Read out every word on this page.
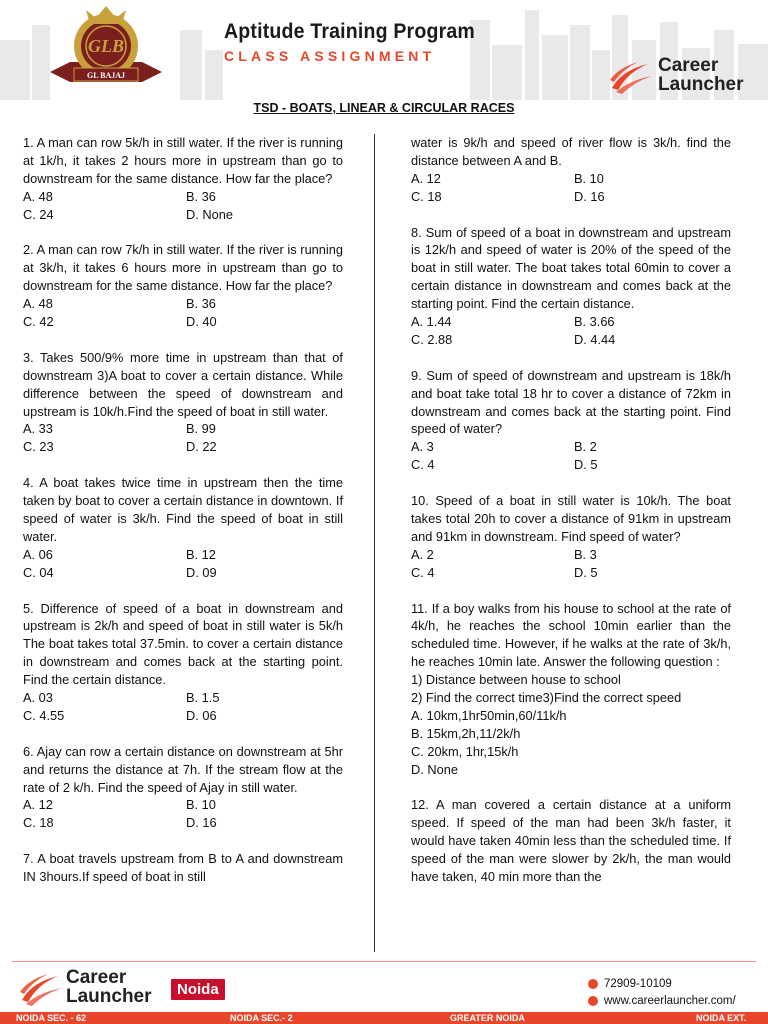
GLB
GL BAJAJ
Aptitude Training Program
CLASS ASSIGNMENT	Career
Launcher
TSD - BOATS, LINEAR & CIRCULAR RACES

1. A man can row 5k/h in still water. If the river is running at 1k/h, it takes 2 hours more in upstream than go to downstream for the same distance. How far the place?

A. 48	B. 36
C. 24	D. None

2. A man can row 7k/h in still water. If the river is running at 3k/h, it takes 6 hours more in upstream than go to downstream for the same distance. How far the place?

A. 48	B. 36
C. 42	D. 40

3. Takes 500/9% more time in upstream than that of downstream 3)A boat to cover a certain distance. While difference between the speed of downstream and upstream is 10k/h.Find the speed of boat in still water.

A. 33	B. 99
C. 23	D. 22

4. A boat takes twice time in upstream then the time taken by boat to cover a certain distance in downtown. If speed of water is 3k/h. Find the speed of boat in still water.

A. 06	B. 12
C. 04	D. 09

5. Difference of speed of a boat in downstream and upstream is 2k/h and speed of boat in still water is 5k/h The boat takes total 37.5min. to cover a certain distance in downstream and comes back at the starting point. Find the certain distance.

A. 03	B. 1.5
C. 4.55	D. 06

6. Ajay can row a certain distance on downstream at 5hr and returns the distance at 7h. If the stream flow at the rate of 2 k/h. Find the speed of Ajay in still water.

A. 12	B. 10
C. 18	D. 16

7. A boat travels upstream from B to A and downstream IN 3hours.If speed of boat in still

water is 9k/h and speed of river flow is 3k/h. find the distance between A and B.

A. 12	B. 10
C. 18	D. 16

8. Sum of speed of a boat in downstream and upstream is 12k/h and speed of water is 20% of the speed of the boat in still water. The boat takes total 60min to cover a certain distance in downstream and comes back at the starting point. Find the certain distance.

A. 1.44	B. 3.66
C. 2.88	D. 4.44

9. Sum of speed of downstream and upstream is 18k/h and boat take total 18 hr to cover a distance of 72km in downstream and comes back at the starting point. Find speed of water?

A. 3	B. 2
C. 4	D. 5

10. Speed of a boat in still water is 10k/h. The boat takes total 20h to cover a distance of 91km in upstream and 91km in downstream. Find speed of water?

A. 2	B. 3
C. 4	D. 5

11. If a boy walks from his house to school at the rate of 4k/h, he reaches the school 10min earlier than the scheduled time. However, if he walks at the rate of 3k/h, he reaches 10min late. Answer the following question :

1) Distance between house to school
2) Find the correct time3)Find the correct speed
A. 10km,1hr50min,60/11k/h
B. 15km,2h,11/2k/h
C. 20km, 1hr,15k/h
D. None

12. A man covered a certain distance at a uniform speed. If speed of the man had been 3k/h faster, it would have taken 40min less than the scheduled time. If speed of the man were slower by 2k/h, the man would have taken, 40 min more than the

Career
Launcher	Noida	72909-10109
www.careerlauncher.com/
NOIDA SEC. - 62	NOIDA SEC.- 2	GREATER NOIDA	NOIDA EXT.
